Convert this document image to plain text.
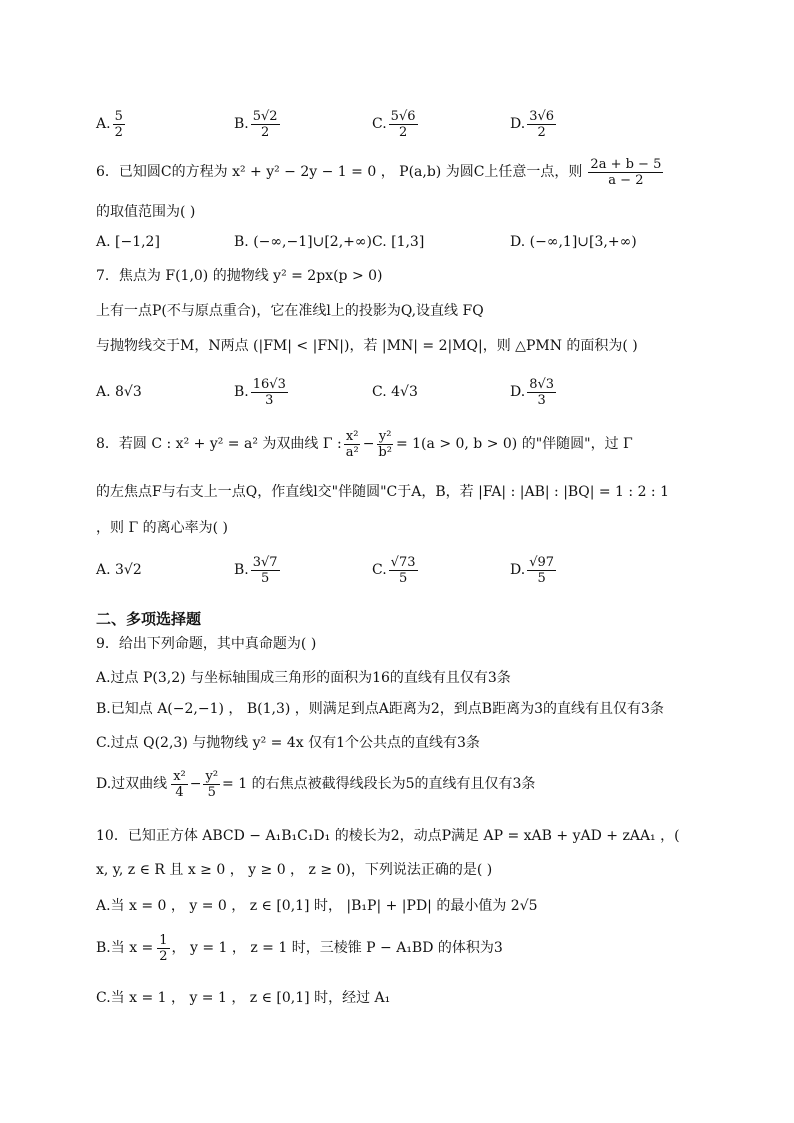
A. $\frac{5}{2}$	B. $\frac{5√2}{2}$	C. $\frac{5√6}{2}$	D. $\frac{3√6}{2}$
6．已知圆C的方程为 x² + y² − 2y − 1 = 0 ， P(a,b) 为圆C上任意一点，则 $\frac{2a + b - 5}{a - 2}$
的取值范围为( )
A. [−1,2]	B. (−∞,−1]∪[2,+∞) C. [1,3]	D. (−∞,1]∪[3,+∞)
7．焦点为 F(1,0) 的抛物线 y² = 2px(p > 0)
上有一点P(不与原点重合)，它在准线l上的投影为Q,设直线 FQ
与抛物线交于M，N两点 (|FM| < |FN|)，若 |MN| = 2|MQ|，则 △PMN 的面积为( )
A.
8√3	B. $\frac{16√3}{3}$	C.
4√3	D. $\frac{8√3}{3}$
8．若圆 C : x² + y² = a² 为双曲线 Γ : $\frac{\text{x²}}{\text{a²}} - \frac{\text{y²}}{\text{b²}} = 1(a > 0$, b > 0) 的"伴随圆"，过 Γ
的左焦点F与右支上一点Q，作直线l交"伴随圆"C于A，B，若 |FA| : |AB| : |BQ| = 1 : 2 : 1
，则 Γ 的离心率为( )
A.
3√2	B. $\frac{3√7}{5}$	C. $\frac{√73}{5}$	D. $\frac{√97}{5}$
二、多项选择题
9．给出下列命题，其中真命题为( )
A.过点 P(3,2) 与坐标轴围成三角形的面积为16的直线有且仅有3条
B.已知点 A(−2,−1) ， B(1,3) ，则满足到点A距离为2，到点B距离为3的直线有且仅有3条
C.过点 Q(2,3) 与抛物线 y² = 4x 仅有1个公共点的直线有3条
D.过双曲线 $\frac{\text{x²}}{4} - \frac{\text{y²}}{5} = 1$ 的右焦点被截得线段长为5的直线有且仅有3条
10．已知正方体 ABCD − A₁B₁C₁D₁ 的棱长为2，动点P满足 AP = xAB + yAD + zAA₁ ，(
x, y, z ∈ R 且 x ≥ 0 ， y ≥ 0 ， z ≥ 0)，下列说法正确的是( )
A.当 x = 0 ， y = 0 ， z ∈ [0,1] 时， |B₁P| + |PD| 的最小值为 2√5
B.当 $x = \frac{1}{2}$ ， y = 1 ， z = 1 时，三棱锥 P − A₁BD 的体积为3
C.当 x = 1 ， y = 1 ， z ∈ [0,1] 时，经过 A₁
